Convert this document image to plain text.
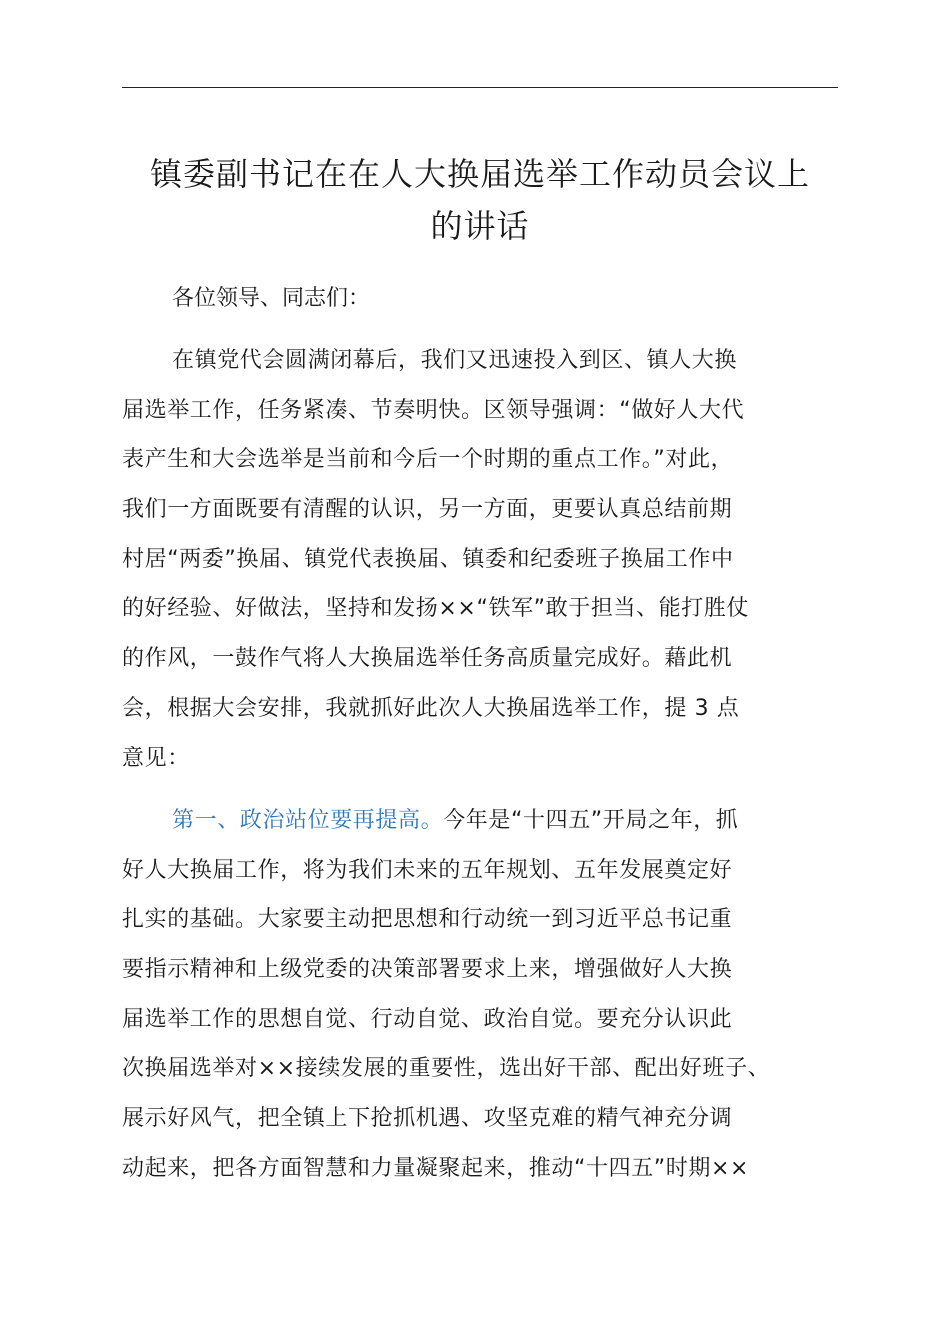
镇委副书记在在人大换届选举工作动员会议上
的讲话

各位领导、同志们：

在镇党代会圆满闭幕后，我们又迅速投入到区、镇人大换
届选举工作，任务紧凑、节奏明快。区领导强调：“做好人大代
表产生和大会选举是当前和今后一个时期的重点工作。”对此，
我们一方面既要有清醒的认识，另一方面，更要认真总结前期
村居“两委”换届、镇党代表换届、镇委和纪委班子换届工作中
的好经验、好做法，坚持和发扬××“铁军”敢于担当、能打胜仗
的作风，一鼓作气将人大换届选举任务高质量完成好。藉此机
会，根据大会安排，我就抓好此次人大换届选举工作，提 3 点
意见：
第一、政治站位要再提高。今年是“十四五”开局之年，抓
好人大换届工作，将为我们未来的五年规划、五年发展奠定好
扎实的基础。大家要主动把思想和行动统一到习近平总书记重
要指示精神和上级党委的决策部署要求上来，增强做好人大换
届选举工作的思想自觉、行动自觉、政治自觉。要充分认识此
次换届选举对××接续发展的重要性，选出好干部、配出好班子、
展示好风气，把全镇上下抢抓机遇、攻坚克难的精气神充分调
动起来，把各方面智慧和力量凝聚起来，推动“十四五”时期××
